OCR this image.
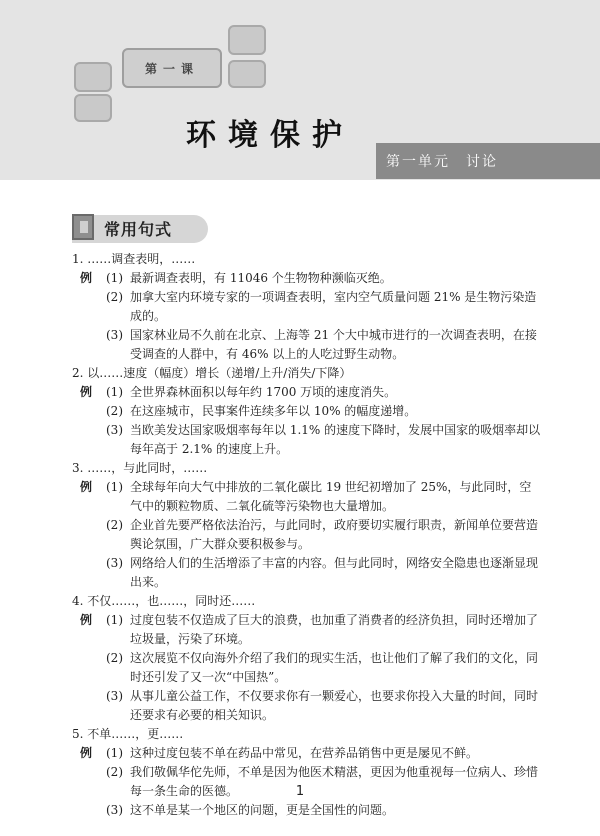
第一课
环境保护
第一单元　讨论
常用句式

1. ……调查表明，……

例	(1) 最新调查表明，有 11046 个生物物种濒临灭绝。
(2) 加拿大室内环境专家的一项调查表明，室内空气质量问题 21% 是生物污染造成的。
(3) 国家林业局不久前在北京、上海等 21 个大中城市进行的一次调查表明，在接受调查的人群中，有 46% 以上的人吃过野生动物。

2. 以……速度（幅度）增长（递增/上升/消失/下降）

例	(1) 全世界森林面积以每年约 1700 万顷的速度消失。
(2) 在这座城市，民事案件连续多年以 10% 的幅度递增。
(3) 当欧美发达国家吸烟率每年以 1.1% 的速度下降时，发展中国家的吸烟率却以每年高于 2.1% 的速度上升。

3. ……，与此同时，……

例	(1) 全球每年向大气中排放的二氧化碳比 19 世纪初增加了 25%，与此同时，空气中的颗粒物质、二氧化硫等污染物也大量增加。
(2) 企业首先要严格依法治污，与此同时，政府要切实履行职责，新闻单位要营造舆论氛围，广大群众要积极参与。
(3) 网络给人们的生活增添了丰富的内容。但与此同时，网络安全隐患也逐渐显现出来。

4. 不仅……，也……，同时还……

例	(1) 过度包装不仅造成了巨大的浪费，也加重了消费者的经济负担，同时还增加了垃圾量，污染了环境。
(2) 这次展览不仅向海外介绍了我们的现实生活，也让他们了解了我们的文化，同时还引发了又一次“中国热”。
(3) 从事儿童公益工作，不仅要求你有一颗爱心，也要求你投入大量的时间，同时还要求有必要的相关知识。

5. 不单……，更……

例	(1) 这种过度包装不单在药品中常见，在营养品销售中更是屡见不鲜。
(2) 我们敬佩华佗先师，不单是因为他医术精湛，更因为他重视每一位病人、珍惜每一条生命的医德。
(3) 这不单是某一个地区的问题，更是全国性的问题。
1
